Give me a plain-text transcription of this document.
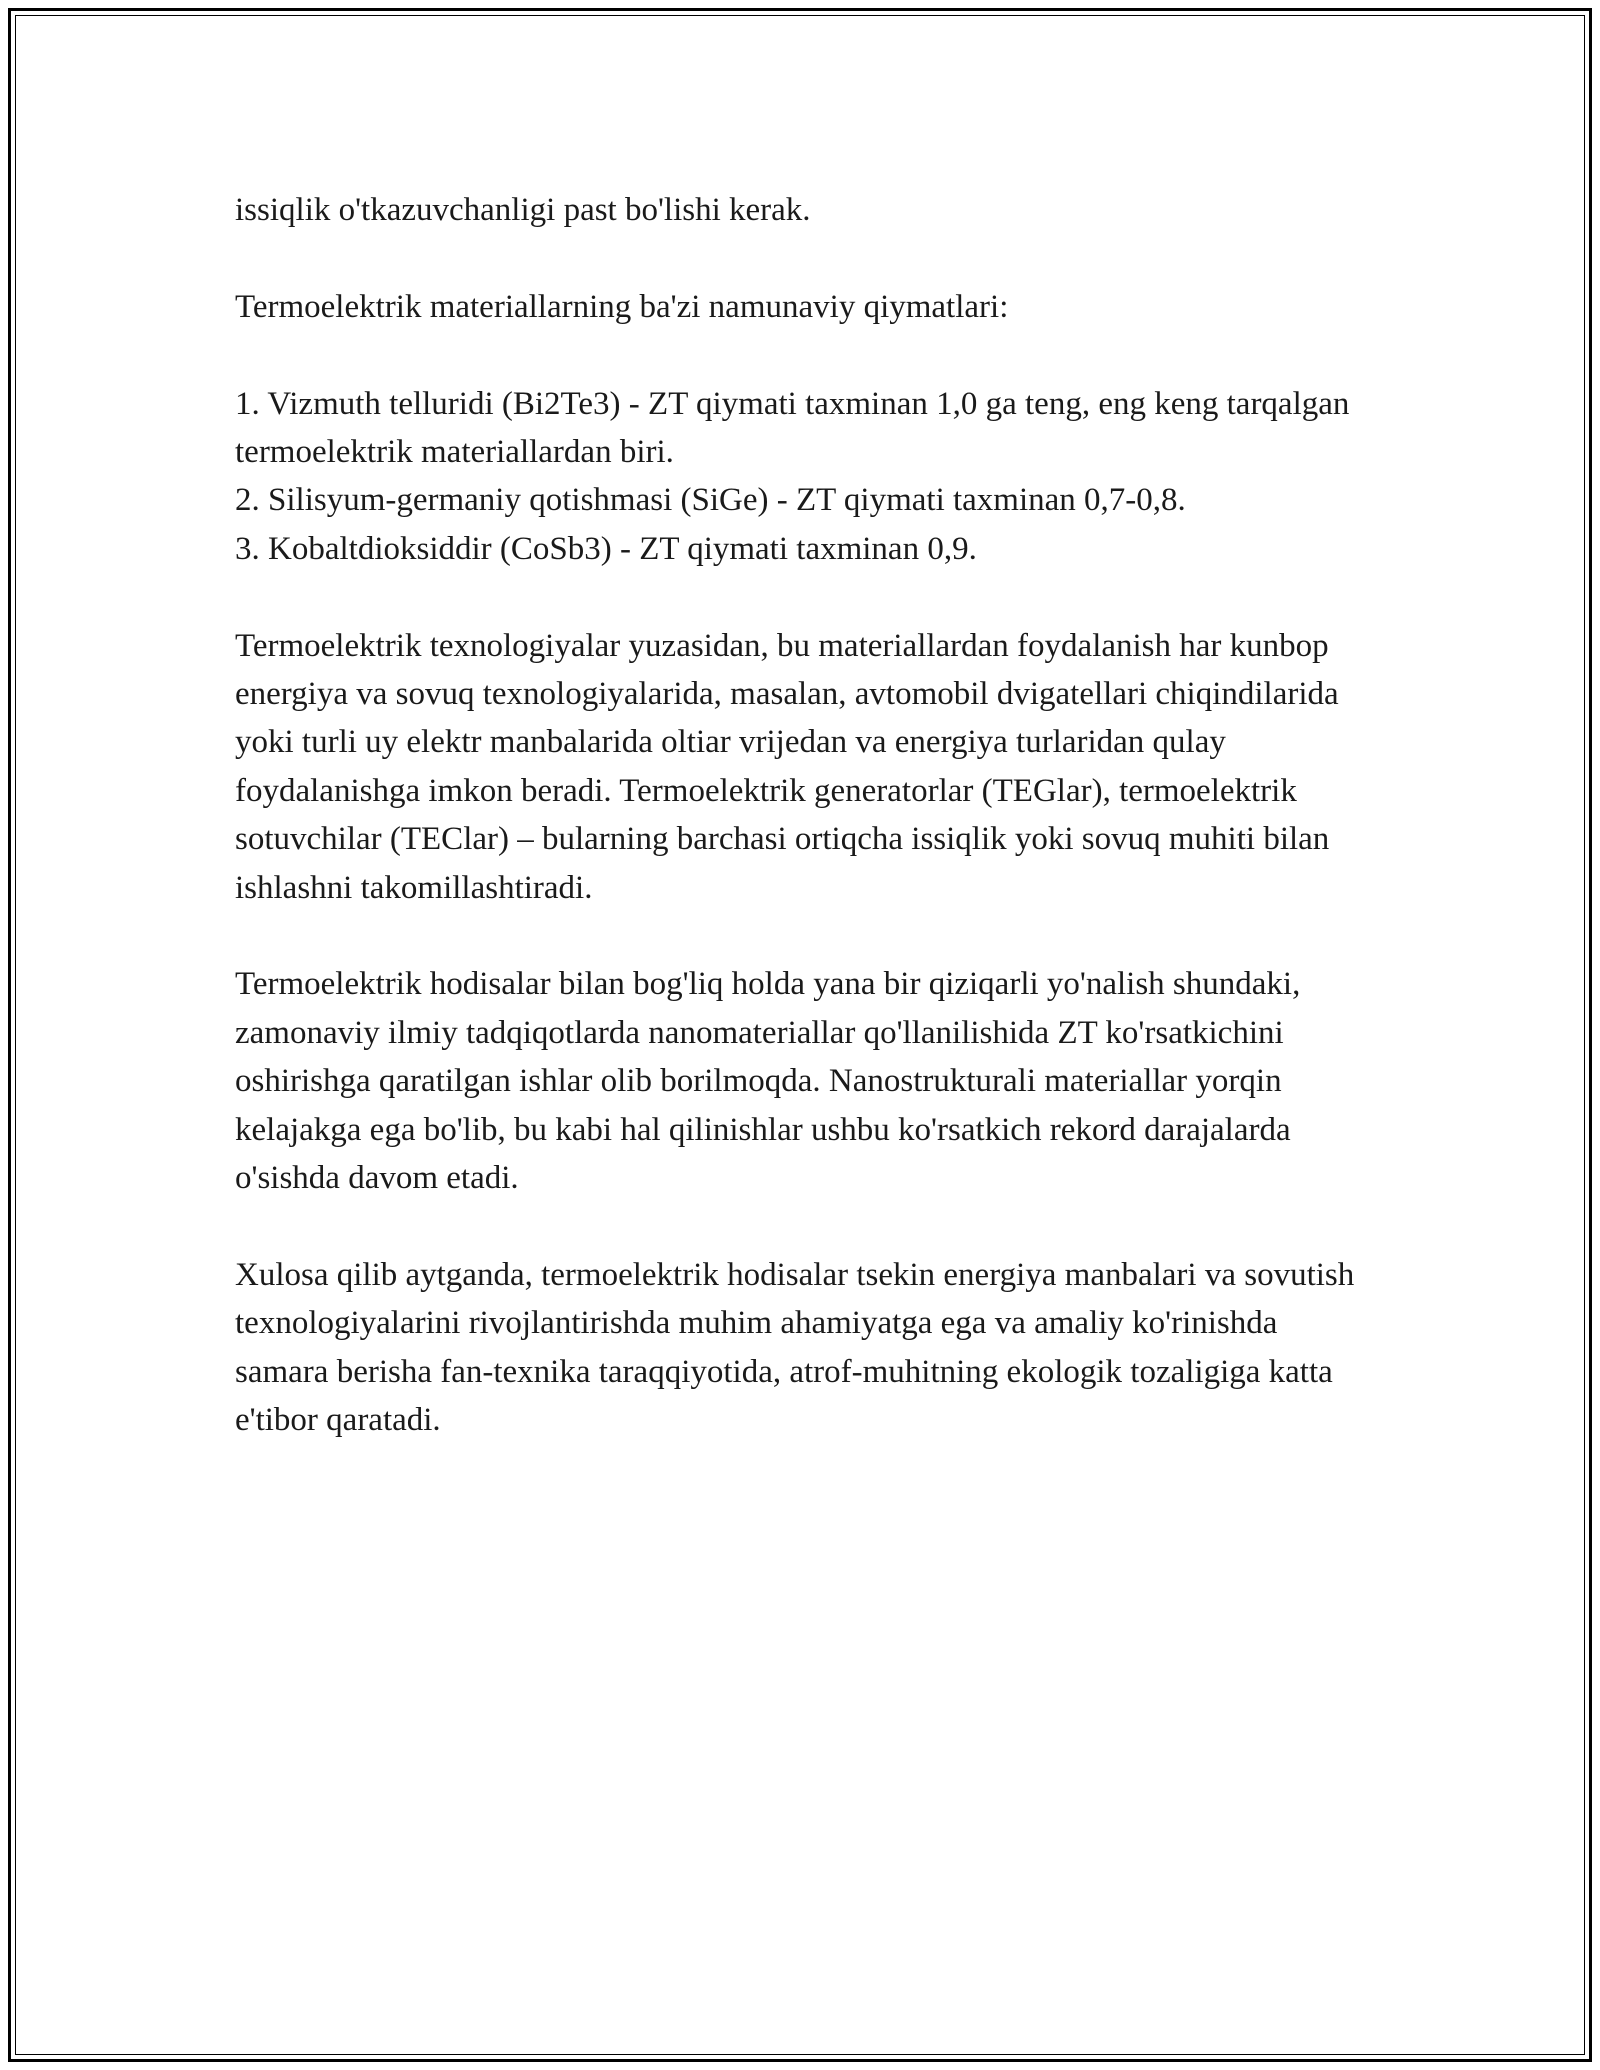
issiqlik o'tkazuvchanligi past bo'lishi kerak.

Termoelektrik materiallarning ba'zi namunaviy qiymatlari:

1. Vizmuth telluridi (Bi2Te3) - ZT qiymati taxminan 1,0 ga teng, eng keng tarqalgan termoelektrik materiallardan biri.

2. Silisyum-germaniy qotishmasi (SiGe) - ZT qiymati taxminan 0,7-0,8.

3. Kobaltdioksiddir (CoSb3) - ZT qiymati taxminan 0,9.

Termoelektrik texnologiyalar yuzasidan, bu materiallardan foydalanish har kunbop energiya va sovuq texnologiyalarida, masalan, avtomobil dvigatellari chiqindilarida yoki turli uy elektr manbalarida oltiar vrijedan va energiya turlaridan qulay foydalanishga imkon beradi. Termoelektrik generatorlar (TEGlar), termoelektrik sotuvchilar (TEClar) – bularning barchasi ortiqcha issiqlik yoki sovuq muhiti bilan ishlashni takomillashtiradi.

Termoelektrik hodisalar bilan bog'liq holda yana bir qiziqarli yo'nalish shundaki, zamonaviy ilmiy tadqiqotlarda nanomateriallar qo'llanilishida ZT ko'rsatkichini oshirishga qaratilgan ishlar olib borilmoqda. Nanostrukturali materiallar yorqin kelajakga ega bo'lib, bu kabi hal qilinishlar ushbu ko'rsatkich rekord darajalarda o'sishda davom etadi.

Xulosa qilib aytganda, termoelektrik hodisalar tsekin energiya manbalari va sovutish texnologiyalarini rivojlantirishda muhim ahamiyatga ega va amaliy ko'rinishda samara berisha fan-texnika taraqqiyotida, atrof-muhitning ekologik tozaligiga katta e'tibor qaratadi.
